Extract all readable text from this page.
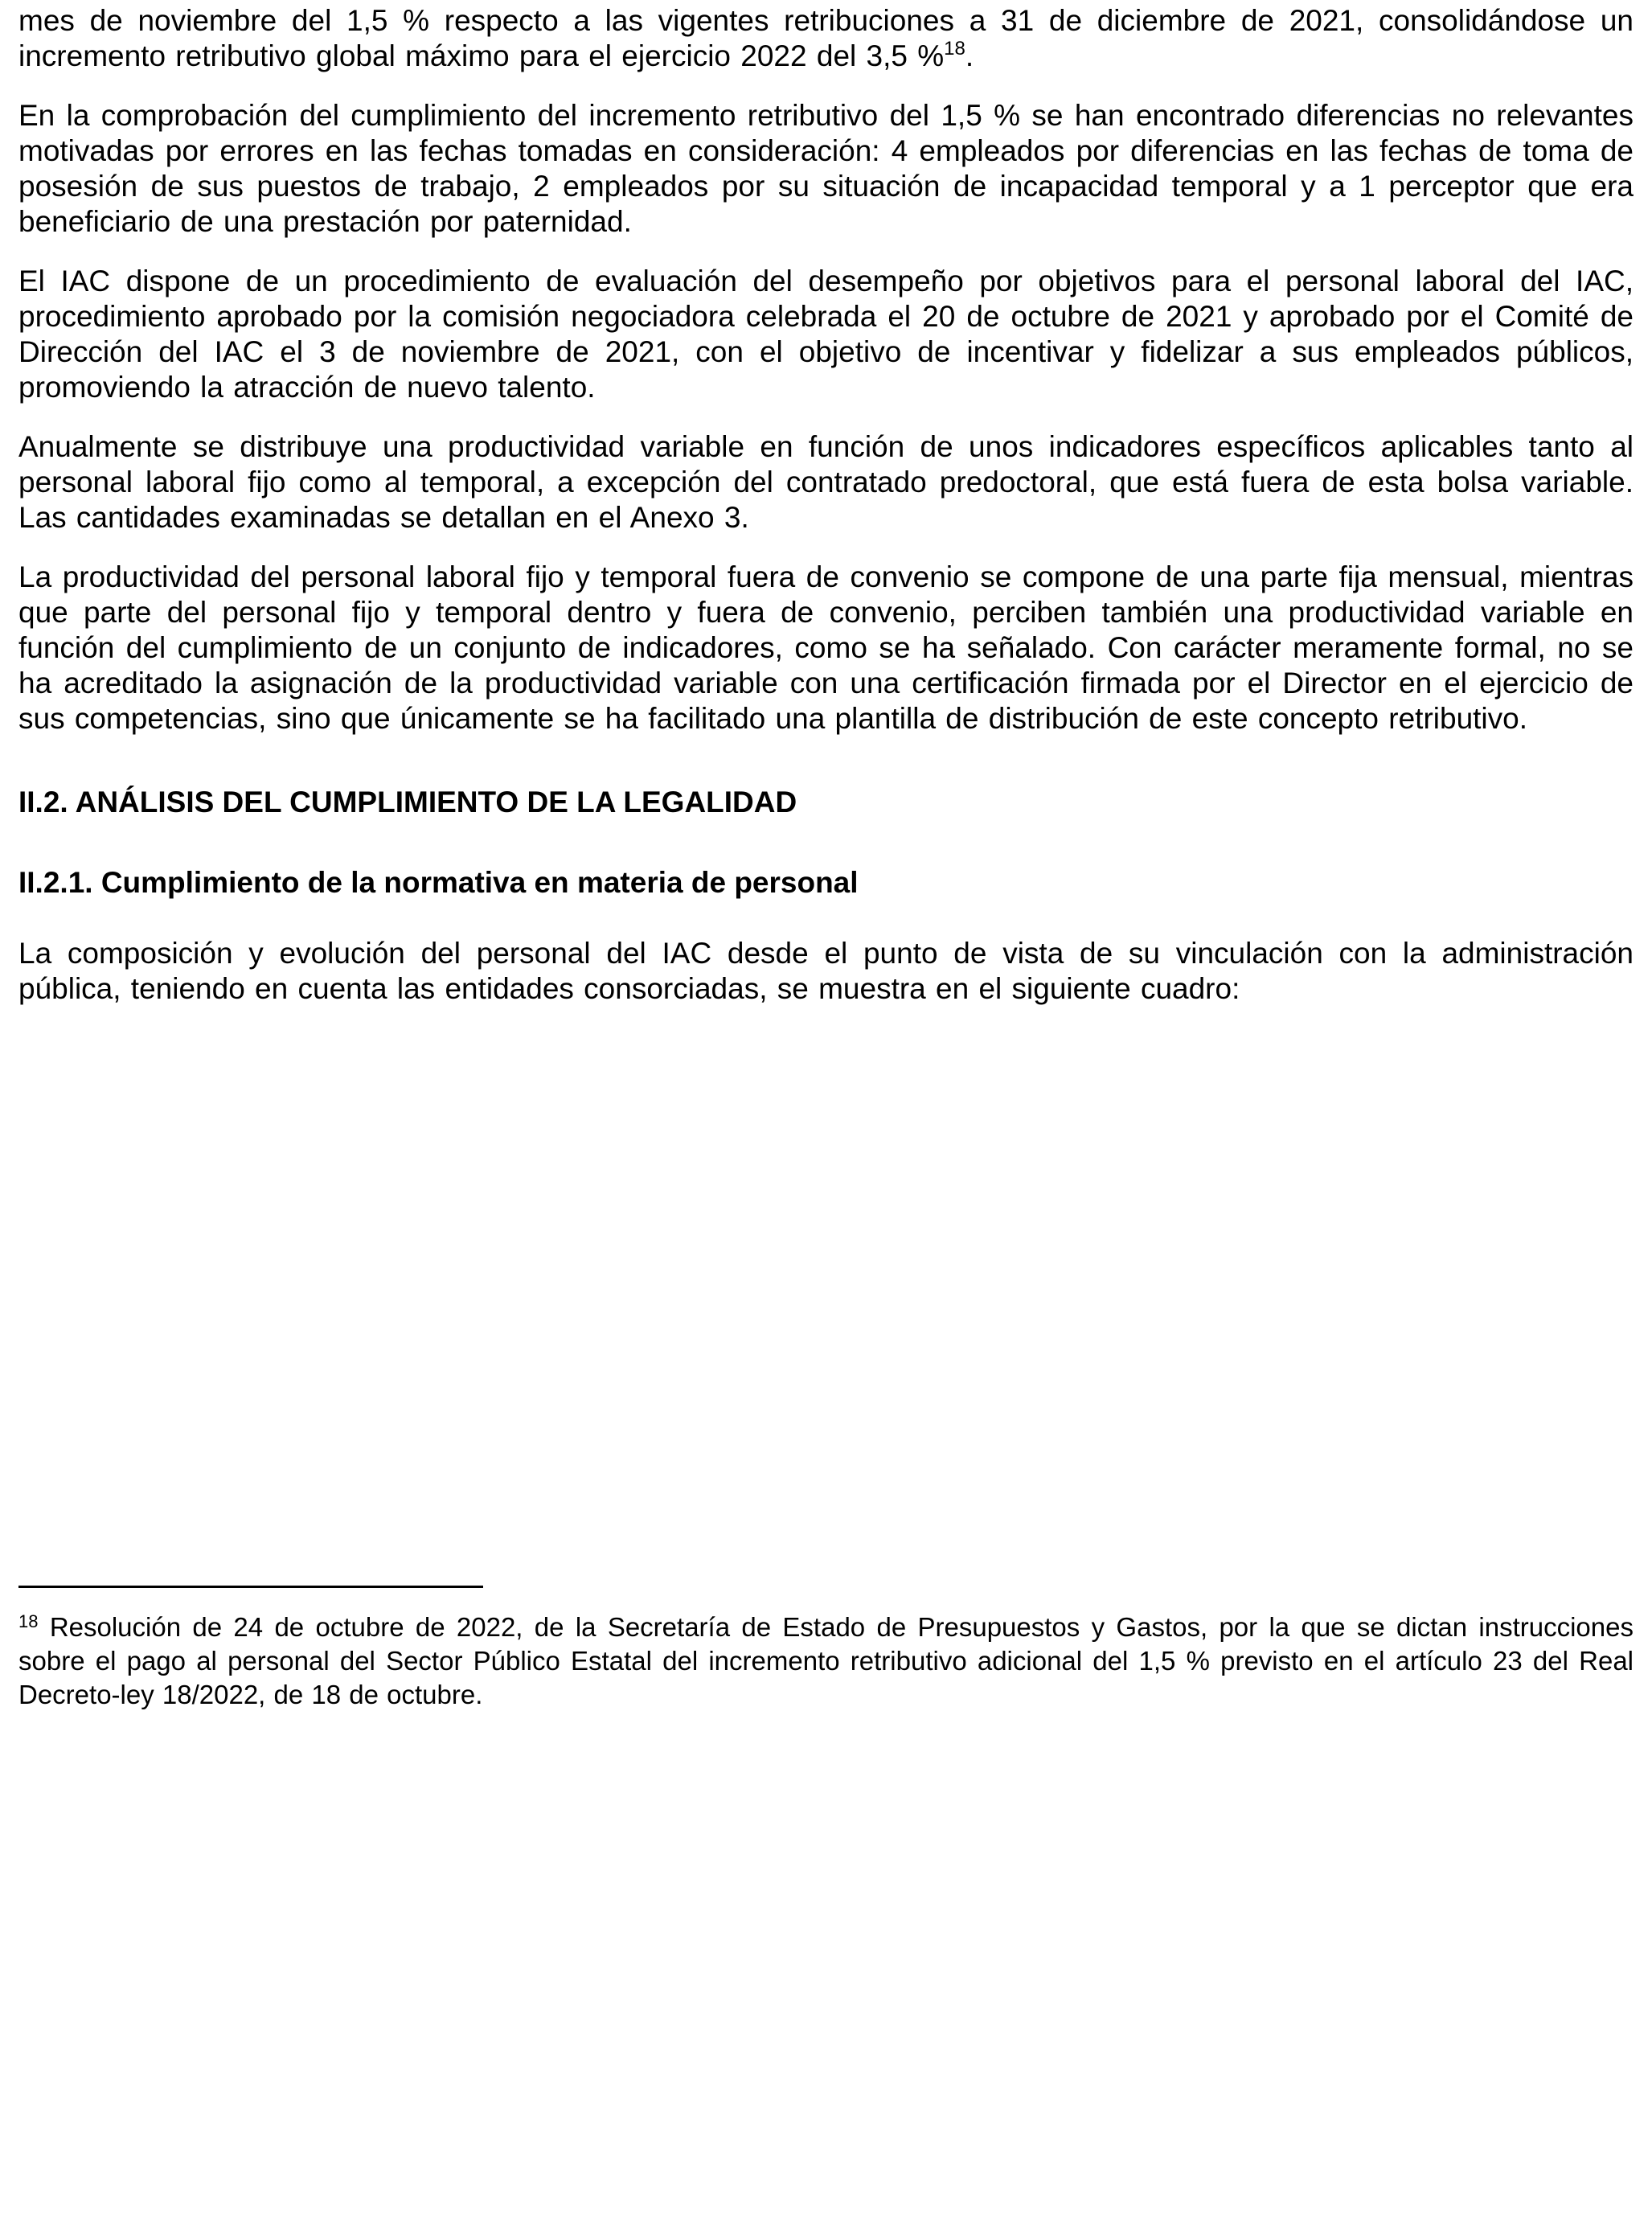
mes de noviembre del 1,5 % respecto a las vigentes retribuciones a 31 de diciembre de 2021, consolidándose un incremento retributivo global máximo para el ejercicio 2022 del 3,5 %$^{18}$.

En la comprobación del cumplimiento del incremento retributivo del 1,5 % se han encontrado diferencias no relevantes motivadas por errores en las fechas tomadas en consideración: 4 empleados por diferencias en las fechas de toma de posesión de sus puestos de trabajo, 2 empleados por su situación de incapacidad temporal y a 1 perceptor que era beneficiario de una prestación por paternidad.

El IAC dispone de un procedimiento de evaluación del desempeño por objetivos para el personal laboral del IAC, procedimiento aprobado por la comisión negociadora celebrada el 20 de octubre de 2021 y aprobado por el Comité de Dirección del IAC el 3 de noviembre de 2021, con el objetivo de incentivar y fidelizar a sus empleados públicos, promoviendo la atracción de nuevo talento.

Anualmente se distribuye una productividad variable en función de unos indicadores específicos aplicables tanto al personal laboral fijo como al temporal, a excepción del contratado predoctoral, que está fuera de esta bolsa variable. Las cantidades examinadas se detallan en el Anexo 3.

La productividad del personal laboral fijo y temporal fuera de convenio se compone de una parte fija mensual, mientras que parte del personal fijo y temporal dentro y fuera de convenio, perciben también una productividad variable en función del cumplimiento de un conjunto de indicadores, como se ha señalado. Con carácter meramente formal, no se ha acreditado la asignación de la productividad variable con una certificación firmada por el Director en el ejercicio de sus competencias, sino que únicamente se ha facilitado una plantilla de distribución de este concepto retributivo.

II.2. ANÁLISIS DEL CUMPLIMIENTO DE LA LEGALIDAD
II.2.1. Cumplimiento de la normativa en materia de personal

La composición y evolución del personal del IAC desde el punto de vista de su vinculación con la administración pública, teniendo en cuenta las entidades consorciadas, se muestra en el siguiente cuadro:

$^{18}$ Resolución de 24 de octubre de 2022, de la Secretaría de Estado de Presupuestos y Gastos, por la que se dictan instrucciones sobre el pago al personal del Sector Público Estatal del incremento retributivo adicional del 1,5 % previsto en el artículo 23 del Real Decreto-ley 18/2022, de 18 de octubre.
